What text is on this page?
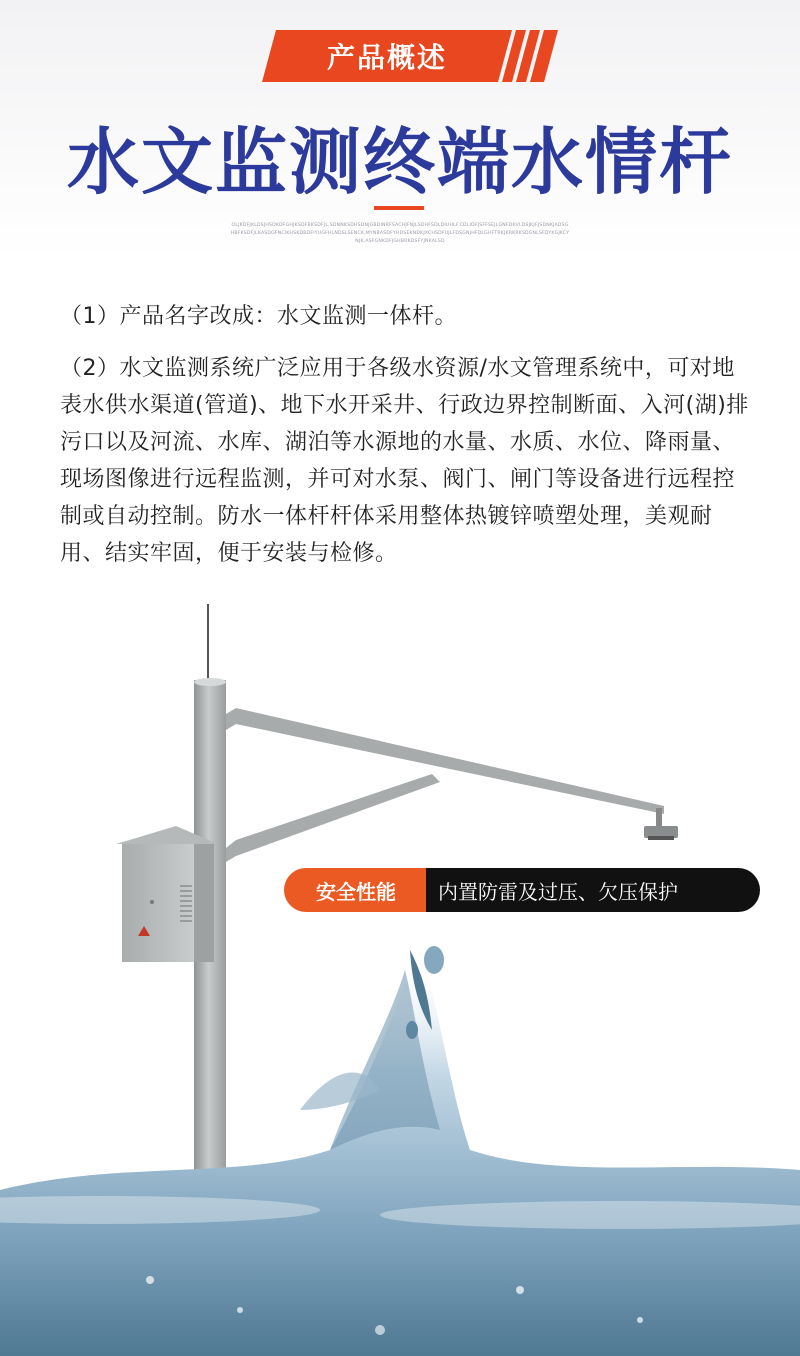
产品概述
水文监测终端水情杆
OLJKDFJKLDSJHSDKDFGHJKSDFBKSDFJL,SDNNKSDHSDNJGBDINRFSACHJFNJLSDHFSDLDIUHLF.CDLIDFJSFFSEJLGNFDKVLDSJKJFJSDNKJADSGHBFKSDFJLKASDGFNCIKHSKDBDFIYUGFHLNDSLSENCK,MYNBASDFYHDSEKNDKJXCHSDFUJLFDSGNJHFDLGHFTRKJKRKRKSDGNLSFDYKGJKCYNJK,ASFGNKDFJGHBRKDSFYJNKALSD
（1）产品名字改成：水文监测一体杆。
（2）水文监测系统广泛应用于各级水资源/水文管理系统中，可对地表水供水渠道(管道)、地下水开采井、行政边界控制断面、入河(湖)排污口以及河流、水库、湖泊等水源地的水量、水质、水位、降雨量、现场图像进行远程监测，并可对水泵、阀门、闸门等设备进行远程控制或自动控制。防水一体杆杆体采用整体热镀锌喷塑处理，美观耐用、结实牢固，便于安装与检修。
安全性能	内置防雷及过压、欠压保护
